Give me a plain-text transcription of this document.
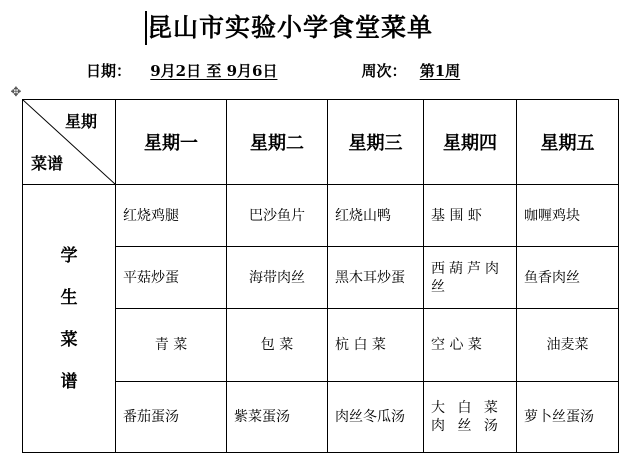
昆山市实验小学食堂菜单
日期： 9月2日 至 9月6日	周次： 第1周
✥
星期
菜谱	星期一	星期二	星期三	星期四	星期五

学
生
菜
谱	红烧鸡腿	巴沙鱼片	红烧山鸭	基 围 虾	咖喱鸡块
	平菇炒蛋	海带肉丝	黑木耳炒蛋	西葫芦肉丝	鱼香肉丝
	青 菜	包 菜	杭 白 菜	空 心 菜	油麦菜
	番茄蛋汤	紫菜蛋汤	肉丝冬瓜汤	大 白 菜 肉 丝 汤	萝卜丝蛋汤
